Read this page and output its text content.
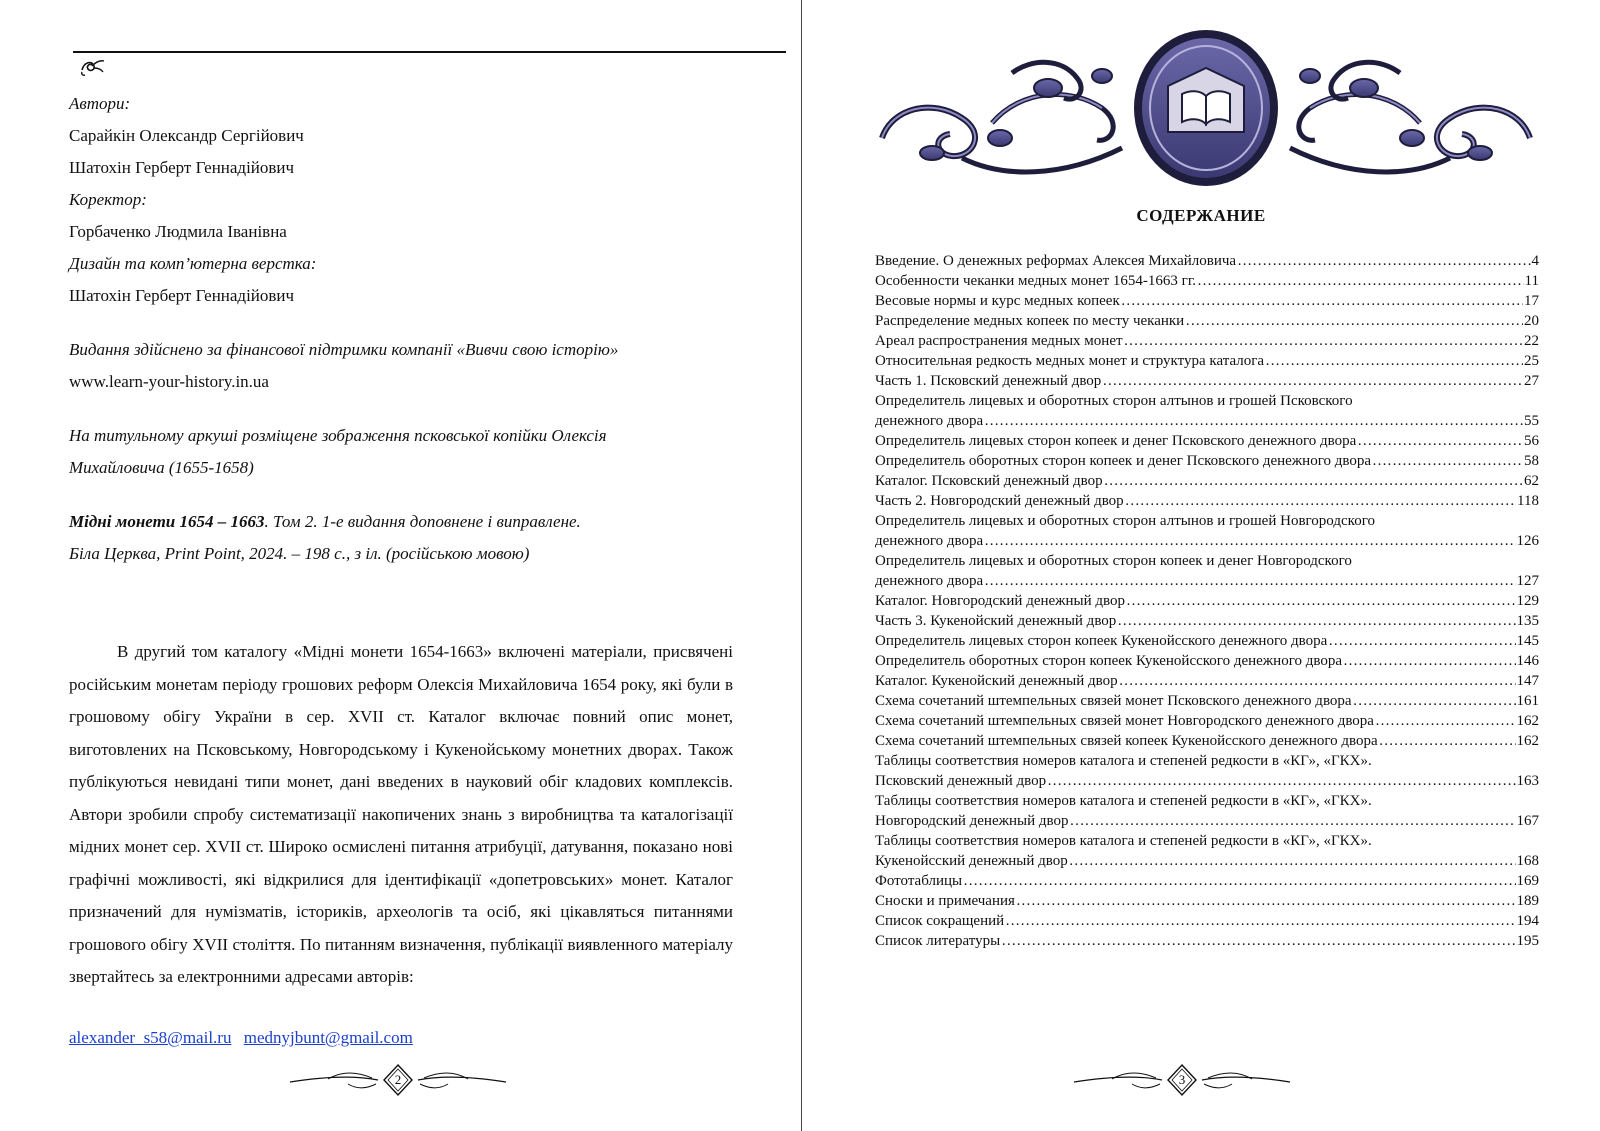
Автори:
Сарайкін Олександр Сергійович
Шатохін Герберт Геннадійович
Коректор:
Горбаченко Людмила Іванівна
Дизайн та комп’ютерна верстка:
Шатохін Герберт Геннадійович
Видання здійснено за фінансової підтримки компанії «Вивчи свою історію»
www.learn-your-history.in.ua
На титульному аркуші розміщене зображення псковської копійки Олексія
Михайловича (1655-1658)
Мідні монети 1654 – 1663. Том 2. 1-е видання доповнене і виправлене.
Біла Церква, Print Point, 2024. – 198 с., з іл. (російською мовою)
В другий том каталогу «Мідні монети 1654-1663» включені матеріали, присвячені російським монетам періоду грошових реформ Олексія Михайловича 1654 року, які були в грошовому обігу України в сер. XVII ст. Каталог включає повний опис монет, виготовлених на Псковському, Новгородському і Кукенойському монетних дворах. Також публікуються невидані типи монет, дані введених в науковий обіг кладових комплексів. Автори зробили спробу систематизації накопичених знань з виробництва та каталогізації мідних монет сер. XVII ст. Широко осмислені питання атрибуції, датування, показано нові графічні можливості, які відкрилися для ідентифікації «допетровських» монет. Каталог призначений для нумізматів, істориків, археологів та осіб, які цікавляться питаннями грошового обігу XVII століття. По питанням визначення, публікації виявленного матеріалу звертайтесь за електронними адресами авторів:
alexander_s58@mail.ru mednyjbunt@gmail.com
2
СОДЕРЖАНИЕ
Введение. О денежных реформах Алексея Михайловича ……………………………………………………………………………………………………………………………………………………………………	4
Особенности чеканки медных монет 1654-1663 гг. ……………………………………………………………………………………………………………………………………………………………………	11
Весовые нормы и курс медных копеек ……………………………………………………………………………………………………………………………………………………………………	17
Распределение медных копеек по месту чеканки ……………………………………………………………………………………………………………………………………………………………………	20
Ареал распространения медных монет ……………………………………………………………………………………………………………………………………………………………………	22
Относительная редкость медных монет и структура каталога ……………………………………………………………………………………………………………………………………………………………………	25
Часть 1. Псковский денежный двор ……………………………………………………………………………………………………………………………………………………………………	27
Определитель лицевых и оборотных сторон алтынов и грошей Псковского
денежного двора ……………………………………………………………………………………………………………………………………………………………………	55
Определитель лицевых сторон копеек и денег Псковского денежного двора ……………………………………………………………………………………………………………………………………………………………………	56
Определитель оборотных сторон копеек и денег Псковского денежного двора ……………………………………………………………………………………………………………………………………………………………………	58
Каталог. Псковский денежный двор ……………………………………………………………………………………………………………………………………………………………………	62
Часть 2. Новгородский денежный двор ……………………………………………………………………………………………………………………………………………………………………	118
Определитель лицевых и оборотных сторон алтынов и грошей Новгородского
денежного двора ……………………………………………………………………………………………………………………………………………………………………	126
Определитель лицевых и оборотных сторон копеек и денег Новгородского
денежного двора ……………………………………………………………………………………………………………………………………………………………………	127
Каталог. Новгородский денежный двор ……………………………………………………………………………………………………………………………………………………………………	129
Часть 3. Кукенойский денежный двор ……………………………………………………………………………………………………………………………………………………………………	135
Определитель лицевых сторон копеек Кукенойсского денежного двора ……………………………………………………………………………………………………………………………………………………………………	145
Определитель оборотных сторон копеек Кукенойсского денежного двора ……………………………………………………………………………………………………………………………………………………………………	146
Каталог. Кукенойский денежный двор ……………………………………………………………………………………………………………………………………………………………………	147
Схема сочетаний штемпельных связей монет Псковского денежного двора ……………………………………………………………………………………………………………………………………………………………………	161
Схема сочетаний штемпельных связей монет Новгородского денежного двора ……………………………………………………………………………………………………………………………………………………………………	162
Схема сочетаний штемпельных связей копеек Кукенойсского денежного двора ……………………………………………………………………………………………………………………………………………………………………	162
Таблицы соответствия номеров каталога и степеней редкости в «КГ», «ГКХ».
Псковский денежный двор ……………………………………………………………………………………………………………………………………………………………………	163
Таблицы соответствия номеров каталога и степеней редкости в «КГ», «ГКХ».
Новгородский денежный двор ……………………………………………………………………………………………………………………………………………………………………	167
Таблицы соответствия номеров каталога и степеней редкости в «КГ», «ГКХ».
Кукенойсский денежный двор ……………………………………………………………………………………………………………………………………………………………………	168
Фототаблицы ……………………………………………………………………………………………………………………………………………………………………	169
Сноски и примечания ……………………………………………………………………………………………………………………………………………………………………	189
Список сокращений ……………………………………………………………………………………………………………………………………………………………………	194
Список литературы ……………………………………………………………………………………………………………………………………………………………………	195
3
